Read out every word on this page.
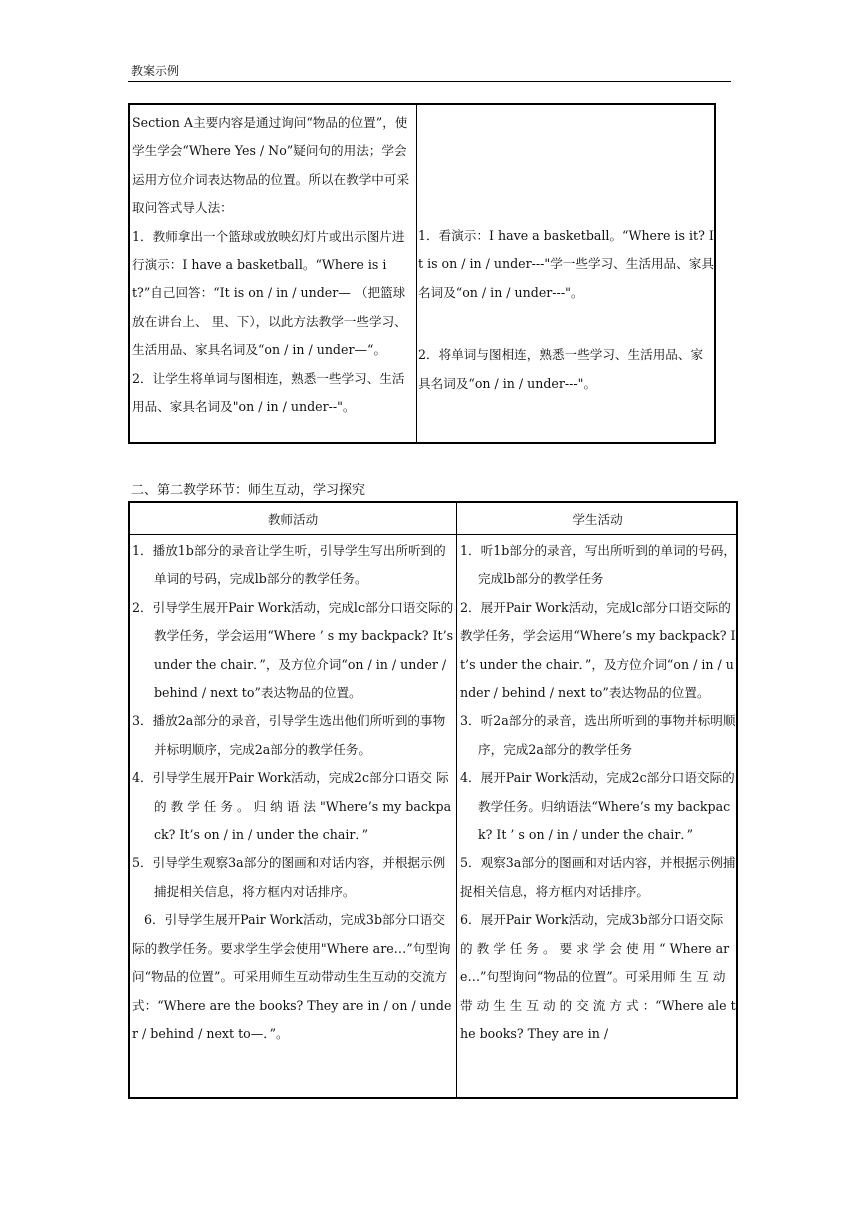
教案示例

Section A主要内容是通过询问“物品的位置”，使学生学会“Where Yes / No”疑问句的用法；学会运用方位介词表达物品的位置。所以在教学中可采取问答式导人法：

1．教师拿出一个篮球或放映幻灯片或出示图片进行演示：I have a basketball。“Where is it?”自己回答：“It is on / in / under— （把篮球放在讲台上、 里、下），以此方法教学一些学习、生活用品、家具名词及“on / in / under—“。

2．让学生将单词与图相连，熟悉一些学习、生活用品、家具名词及"on / in / under--"。

1．看演示：I have a basketball。“Where is it? It is on / in / under---"学一些学习、生活用品、家具名词及“on / in / under---"。

2．将单词与图相连，熟悉一些学习、生活用品、家具名词及“on / in / under---"。

二、第二教学环节：师生互动，学习探究
教师活动	学生活动

1．播放1b部分的录音让学生听，引导学生写出所听到的单词的号码，完成lb部分的教学任务。

2．引导学生展开Pair Work活动，完成lc部分口语交际的教学任务，学会运用“Where ’ s my backpack? It’s under the chair．”，及方位介词“on / in / under / behind / next to”表达物品的位置。

3．播放2a部分的录音，引导学生选出他们所听到的事物并标明顺序，完成2a部分的教学任务。

4．引导学生展开Pair Work活动，完成2c部分口语交 际 的 教 学 任 务 。 归 纳 语 法 "Where’s my backpack? It’s on / in / under the chair．”

5．引导学生观察3a部分的图画和对话内容，并根据示例捕捉相关信息，将方框内对话排序。

6．引导学生展开Pair Work活动，完成3b部分口语交际的教学任务。要求学生学会使用"Where are…”句型询问“物品的位置”。可采用师生互动带动生生互动的交流方式：“Where are the books? They are in / on / under / behind / next to—．”。

1．听1b部分的录音，写出所听到的单词的号码，完成lb部分的教学任务

2．展开Pair Work活动，完成lc部分口语交际的教学任务，学会运用“Where’s my backpack? It’s under the chair．”，及方位介词“on / in / under / behind / next to”表达物品的位置。

3．听2a部分的录音，选出所听到的事物并标明顺序，完成2a部分的教学任务

4．展开Pair Work活动，完成2c部分口语交际的教学任务。归纳语法“Where’s my backpack? It ’ s on / in / under the chair．”

5．观察3a部分的图画和对话内容，并根据示例捕捉相关信息，将方框内对话排序。

6．展开Pair Work活动，完成3b部分口语交际 的 教 学 任 务 。 要 求 学 会 使 用 “ Where are…”句型询问“物品的位置”。可采用师 生 互 动 带 动 生 生 互 动 的 交 流 方 式 ：“Where ale the books? They are in /
